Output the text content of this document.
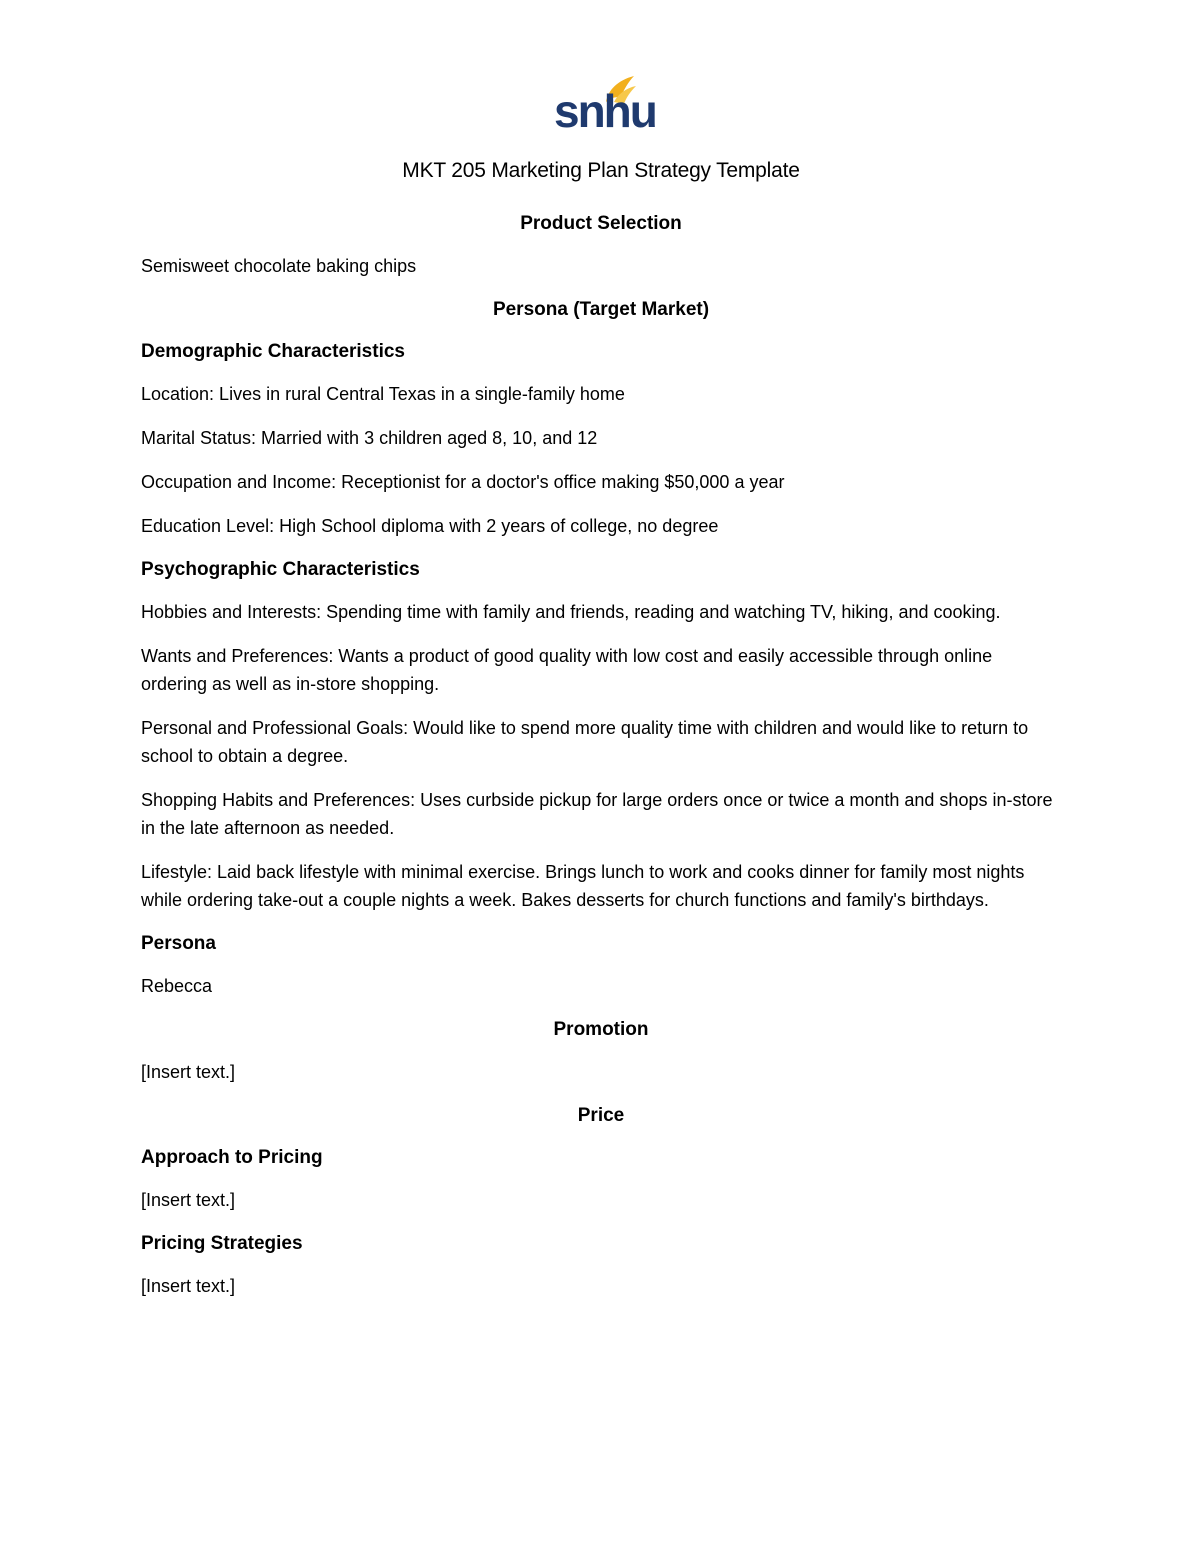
snhu
MKT 205 Marketing Plan Strategy Template
Product Selection
Semisweet chocolate baking chips
Persona (Target Market)
Demographic Characteristics
Location: Lives in rural Central Texas in a single-family home
Marital Status: Married with 3 children aged 8, 10, and 12
Occupation and Income: Receptionist for a doctor's office making $50,000 a year
Education Level: High School diploma with 2 years of college, no degree
Psychographic Characteristics
Hobbies and Interests: Spending time with family and friends, reading and watching TV, hiking, and cooking.
Wants and Preferences: Wants a product of good quality with low cost and easily accessible through online ordering as well as in-store shopping.
Personal and Professional Goals: Would like to spend more quality time with children and would like to return to school to obtain a degree.
Shopping Habits and Preferences: Uses curbside pickup for large orders once or twice a month and shops in-store in the late afternoon as needed.
Lifestyle: Laid back lifestyle with minimal exercise. Brings lunch to work and cooks dinner for family most nights while ordering take-out a couple nights a week. Bakes desserts for church functions and family's birthdays.
Persona
Rebecca
Promotion
[Insert text.]
Price
Approach to Pricing
[Insert text.]
Pricing Strategies
[Insert text.]
